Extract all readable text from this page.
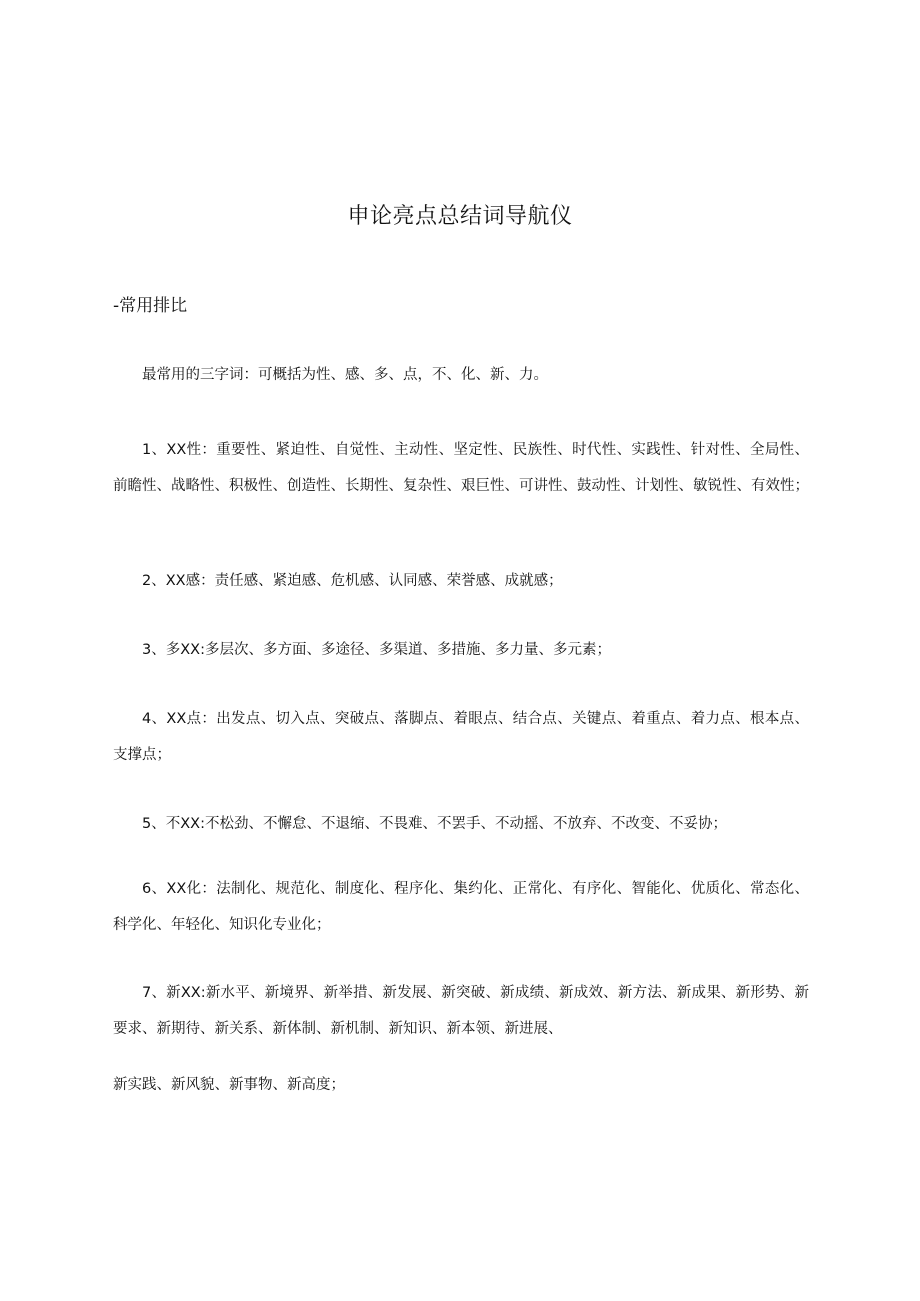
申论亮点总结词导航仪
-常用排比
最常用的三字词：可概括为性、感、多、点，不、化、新、力。
1、XX性：重要性、紧迫性、自觉性、主动性、坚定性、民族性、时代性、实践性、针对性、全局性、前瞻性、战略性、积极性、创造性、长期性、复杂性、艰巨性、可讲性、鼓动性、计划性、敏锐性、有效性；
2、XX感：责任感、紧迫感、危机感、认同感、荣誉感、成就感；
3、多XX:多层次、多方面、多途径、多渠道、多措施、多力量、多元素；
4、XX点：出发点、切入点、突破点、落脚点、着眼点、结合点、关键点、着重点、着力点、根本点、支撑点；
5、不XX:不松劲、不懈怠、不退缩、不畏难、不罢手、不动摇、不放弃、不改变、不妥协；
6、XX化：法制化、规范化、制度化、程序化、集约化、正常化、有序化、智能化、优质化、常态化、科学化、年轻化、知识化专业化；
7、新XX:新水平、新境界、新举措、新发展、新突破、新成绩、新成效、新方法、新成果、新形势、新要求、新期待、新关系、新体制、新机制、新知识、新本领、新进展、
新实践、新风貌、新事物、新高度；
